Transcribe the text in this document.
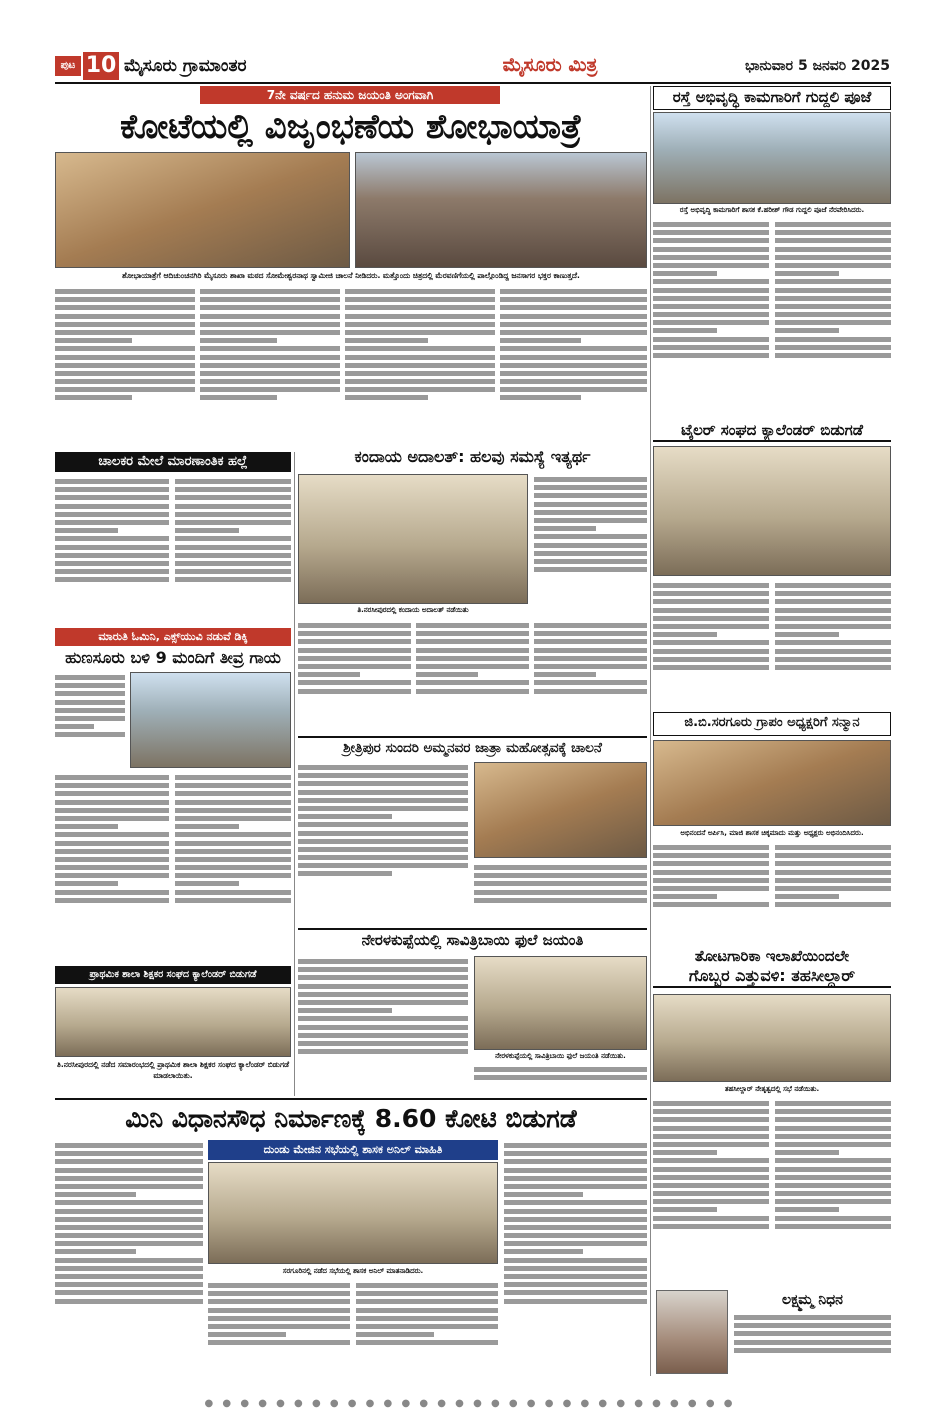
ಪುಟ 10 ಮೈಸೂರು ಗ್ರಾಮಾಂತರ	ಮೈಸೂರು ಮಿತ್ರ	ಭಾನುವಾರ 5 ಜನವರಿ 2025
7ನೇ ವರ್ಷದ ಹನುಮ ಜಯಂತಿ ಅಂಗವಾಗಿ
ಕೋಟೆಯಲ್ಲಿ ವಿಜೃಂಭಣೆಯ ಶೋಭಾಯಾತ್ರೆ
ಶೋಭಾಯಾತ್ರೆಗೆ ಆದಿಚುಂಚನಗಿರಿ ಮೈಸೂರು ಶಾಖಾ ಮಠದ ಸೋಮೇಶ್ವರನಾಥ ಸ್ವಾಮೀಜಿ ಚಾಲನೆ ನೀಡಿದರು. ಮತ್ತೊಂದು ಚಿತ್ರದಲ್ಲಿ ಮೆರವಣಿಗೆಯಲ್ಲಿ ಪಾಲ್ಗೊಂಡಿದ್ದ ಜನಸಾಗರ ಭಕ್ತರ ಕಾಣುತ್ತದೆ.
ರಸ್ತೆ ಅಭಿವೃದ್ಧಿ ಕಾಮಗಾರಿಗೆ ಗುದ್ದಲಿ ಪೂಜೆ
ರಸ್ತೆ ಅಭಿವೃದ್ಧಿ ಕಾಮಗಾರಿಗೆ ಶಾಸಕ ಕೆ.ಹರೀಶ್ ಗೌಡ ಗುದ್ದಲಿ ಪೂಜೆ ನೆರವೇರಿಸಿದರು.
ಟೈಲರ್ ಸಂಘದ ಕ್ಯಾಲೆಂಡರ್ ಬಿಡುಗಡೆ
ಜಿ.ಬಿ.ಸರಗೂರು ಗ್ರಾಪಂ ಅಧ್ಯಕ್ಷರಿಗೆ ಸನ್ಮಾನ
ಅಭಿನಂದನೆ ಅರ್ಪಿಸಿ, ಮಾಜಿ ಶಾಸಕ ಚಿಕ್ಕಮಾದು ಮತ್ತು ಅಧ್ಯಕ್ಷರು ಅಭಿನಂದಿಸಿದರು.
ತೋಟಗಾರಿಕಾ ಇಲಾಖೆಯಿಂದಲೇ
ಗೊಬ್ಬರ ಎತ್ತುವಳಿ: ತಹಸೀಲ್ದಾರ್
ತಹಸೀಲ್ದಾರ್ ನೇತೃತ್ವದಲ್ಲಿ ಸಭೆ ನಡೆಯಿತು.
ಚಾಲಕರ ಮೇಲೆ ಮಾರಣಾಂತಿಕ ಹಲ್ಲೆ	ಕಂದಾಯ ಅದಾಲತ್: ಹಲವು ಸಮಸ್ಯೆ ಇತ್ಯರ್ಥ
ತಿ.ನರಸೀಪುರದಲ್ಲಿ ಕಂದಾಯ ಅದಾಲತ್ ನಡೆಯಿತು
ಮಾರುತಿ ಓಮಿನಿ, ಎಕ್ಸ್‌ಯುವಿ ನಡುವೆ ಡಿಕ್ಕಿ
ಹುಣಸೂರು ಬಳಿ 9 ಮಂದಿಗೆ ತೀವ್ರ ಗಾಯ
ಶ್ರೀತ್ರಿಪುರ ಸುಂದರಿ ಅಮ್ಮನವರ ಜಾತ್ರಾ ಮಹೋತ್ಸವಕ್ಕೆ ಚಾಲನೆ
ನೇರಳಕುಪ್ಪೆಯಲ್ಲಿ ಸಾವಿತ್ರಿಬಾಯಿ ಫುಲೆ ಜಯಂತಿ
ನೇರಳಕುಪ್ಪೆಯಲ್ಲಿ ಸಾವಿತ್ರಿಬಾಯಿ ಫುಲೆ ಜಯಂತಿ ನಡೆಯಿತು.
ಪ್ರಾಥಮಿಕ ಶಾಲಾ ಶಿಕ್ಷಕರ ಸಂಘದ ಕ್ಯಾಲೆಂಡರ್ ಬಿಡುಗಡೆ
ತಿ.ನರಸೀಪುರದಲ್ಲಿ ನಡೆದ ಸಮಾರಂಭದಲ್ಲಿ ಪ್ರಾಥಮಿಕ ಶಾಲಾ ಶಿಕ್ಷಕರ ಸಂಘದ ಕ್ಯಾಲೆಂಡರ್ ಬಿಡುಗಡೆ ಮಾಡಲಾಯಿತು.
ಮಿನಿ ವಿಧಾನಸೌಧ ನಿರ್ಮಾಣಕ್ಕೆ 8.60 ಕೋಟಿ ಬಿಡುಗಡೆ
ದುಂಡು ಮೇಜಿನ ಸಭೆಯಲ್ಲಿ ಶಾಸಕ ಅನಿಲ್ ಮಾಹಿತಿ
ಸರಗೂರಿನಲ್ಲಿ ನಡೆದ ಸಭೆಯಲ್ಲಿ ಶಾಸಕ ಅನಿಲ್ ಮಾತನಾಡಿದರು.
ಲಕ್ಷ್ಮಮ್ಮ ನಿಧನ
● ● ● ● ● ● ● ● ● ● ● ● ● ● ● ● ● ● ● ● ● ● ● ● ● ● ● ● ● ●
